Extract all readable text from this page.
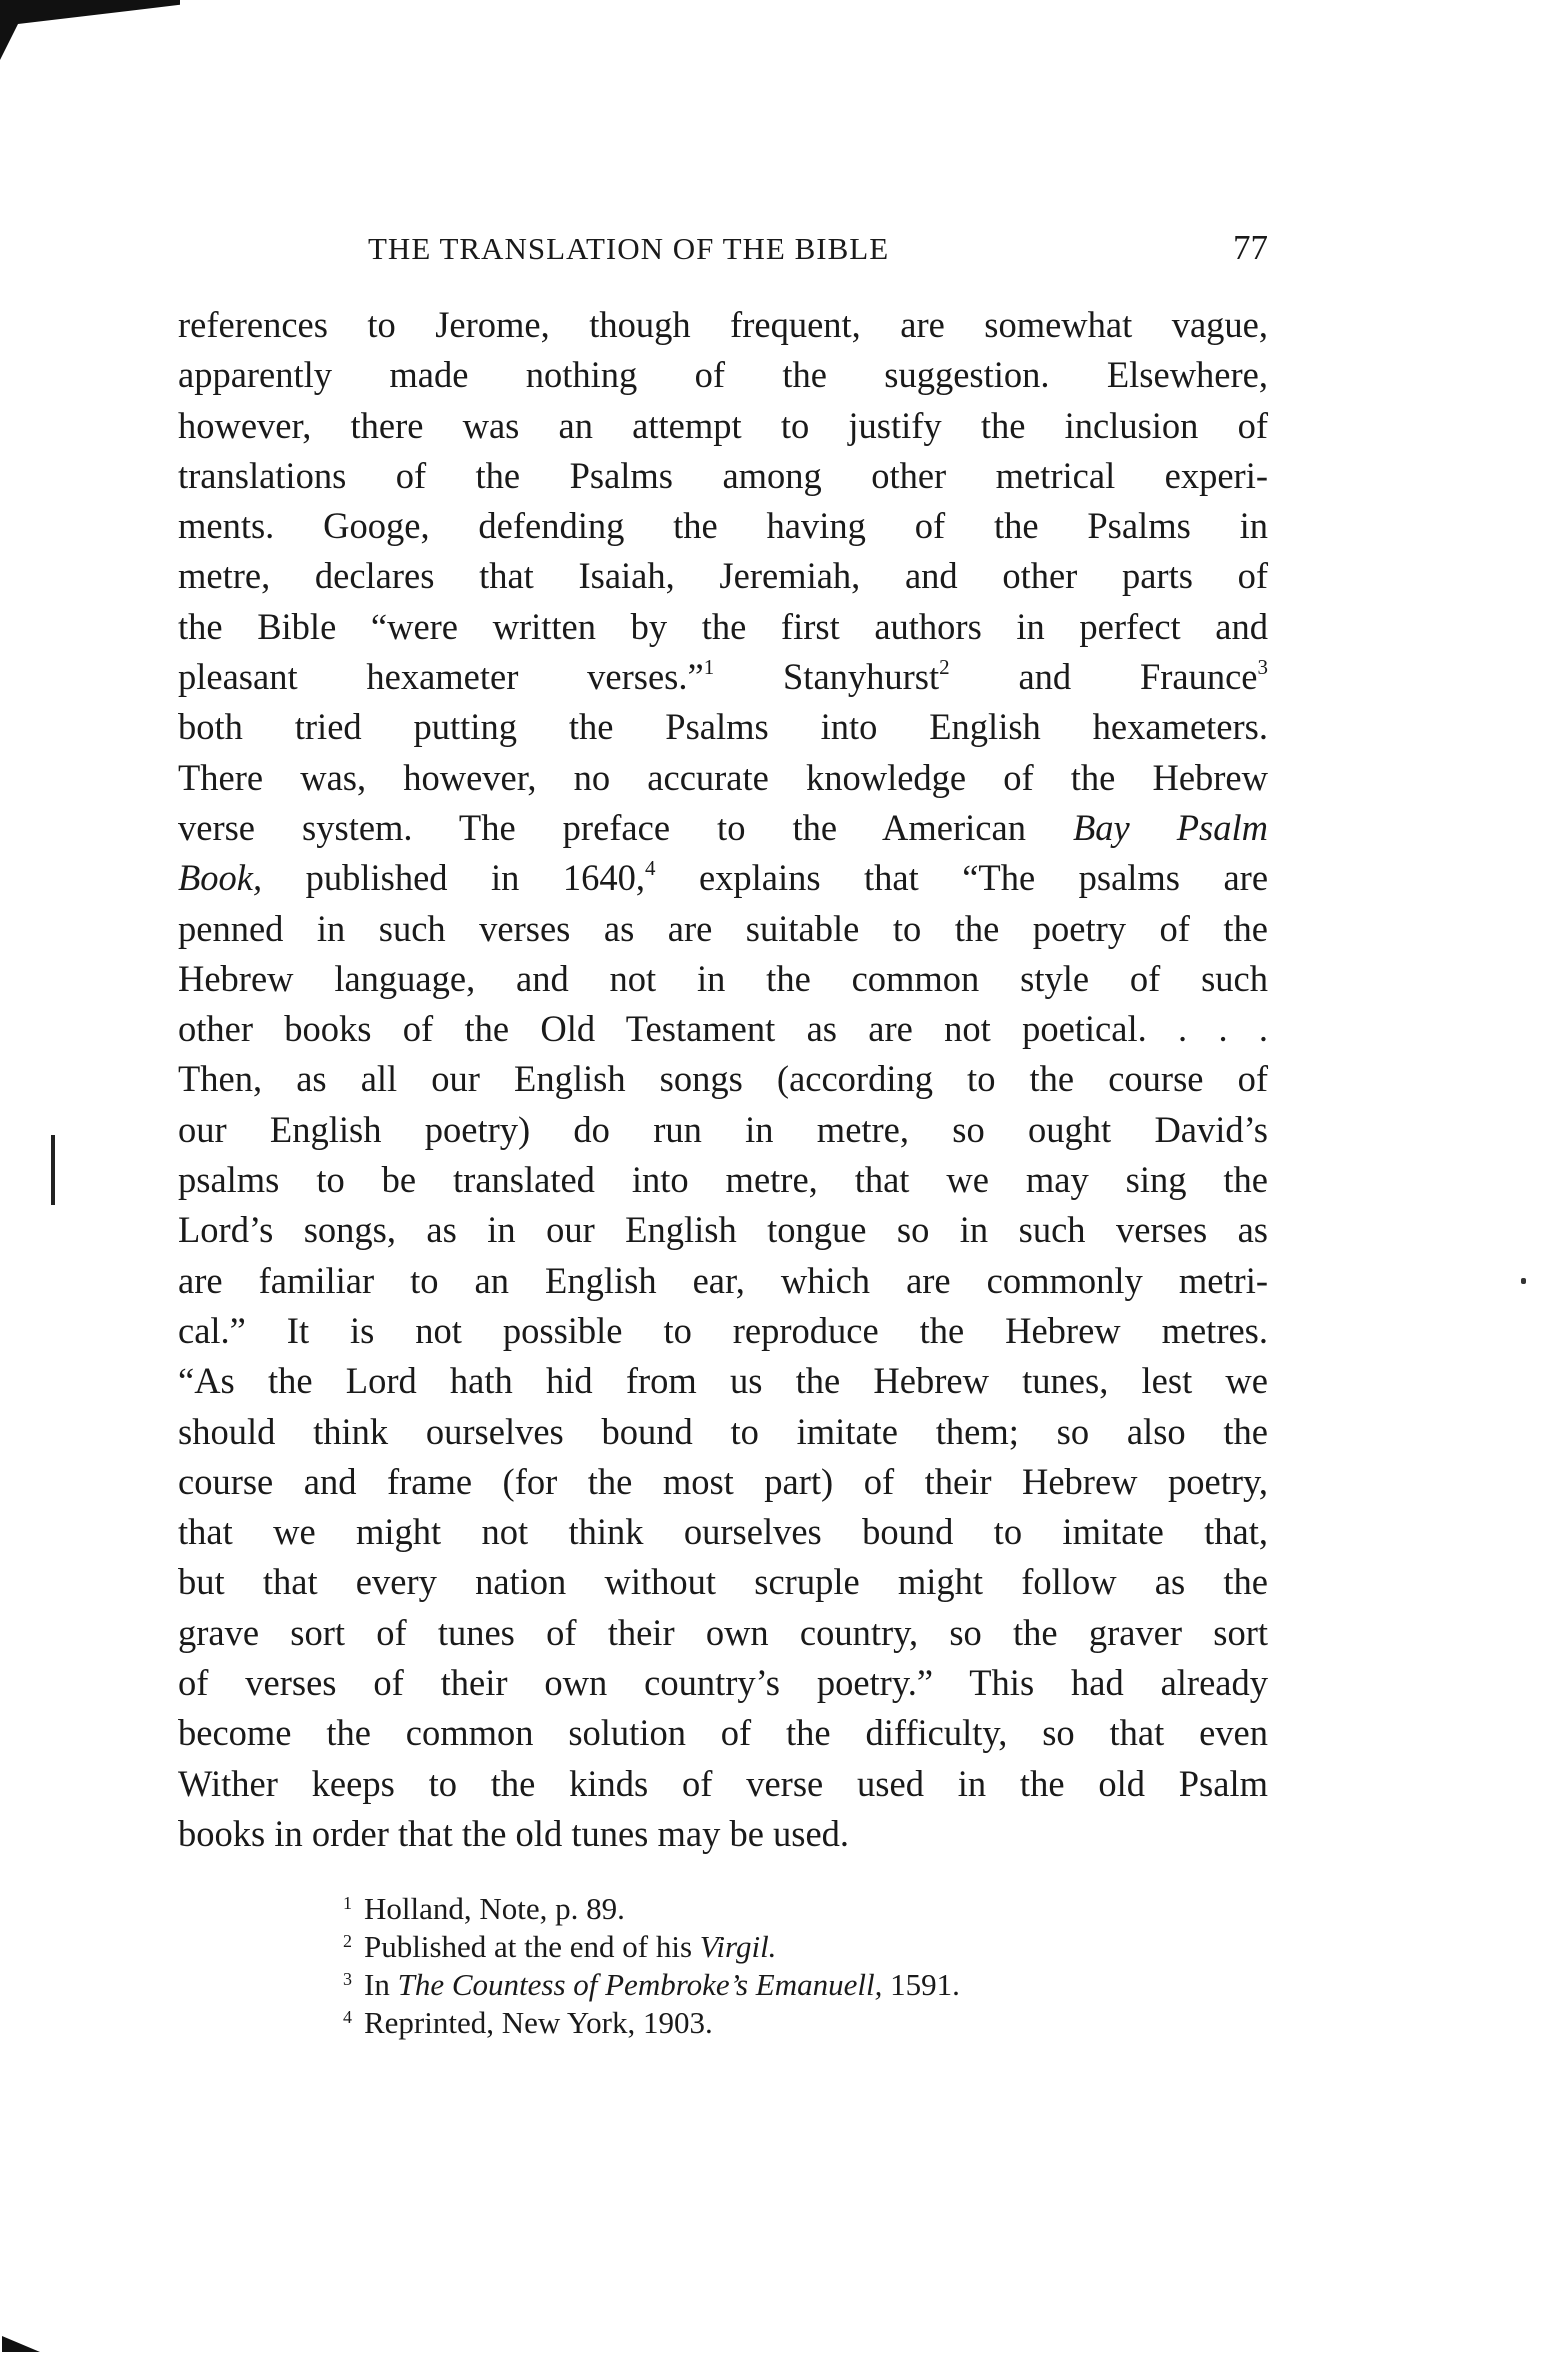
THE TRANSLATION OF THE BIBLE	77
references to Jerome, though frequent, are somewhat vague,
apparently made nothing of the suggestion. Elsewhere,
however, there was an attempt to justify the inclusion of
translations of the Psalms among other metrical experi-
ments. Googe, defending the having of the Psalms in
metre, declares that Isaiah, Jeremiah, and other parts of
the Bible “were written by the first authors in perfect and
pleasant hexameter verses.”$^1$ Stanyhurst$^2$ and Fraunce$^3$
both tried putting the Psalms into English hexameters.
There was, however, no accurate knowledge of the Hebrew
verse system. The preface to the American Bay Psalm
Book, published in 1640,$^4$ explains that “The psalms are
penned in such verses as are suitable to the poetry of the
Hebrew language, and not in the common style of such
other books of the Old Testament as are not poetical. . . .
Then, as all our English songs (according to the course of
our English poetry) do run in metre, so ought David’s
psalms to be translated into metre, that we may sing the
Lord’s songs, as in our English tongue so in such verses as
are familiar to an English ear, which are commonly metri-
cal.” It is not possible to reproduce the Hebrew metres.
“As the Lord hath hid from us the Hebrew tunes, lest we
should think ourselves bound to imitate them; so also the
course and frame (for the most part) of their Hebrew poetry,
that we might not think ourselves bound to imitate that,
but that every nation without scruple might follow as the
grave sort of tunes of their own country, so the graver sort
of verses of their own country’s poetry.” This had already
become the common solution of the difficulty, so that even
Wither keeps to the kinds of verse used in the old Psalm
books in order that the old tunes may be used.
$^1$ Holland, Note, p. 89.
$^2$ Published at the end of his Virgil.
$^3$ In The Countess of Pembroke’s Emanuell, 1591.
$^4$ Reprinted, New York, 1903.
